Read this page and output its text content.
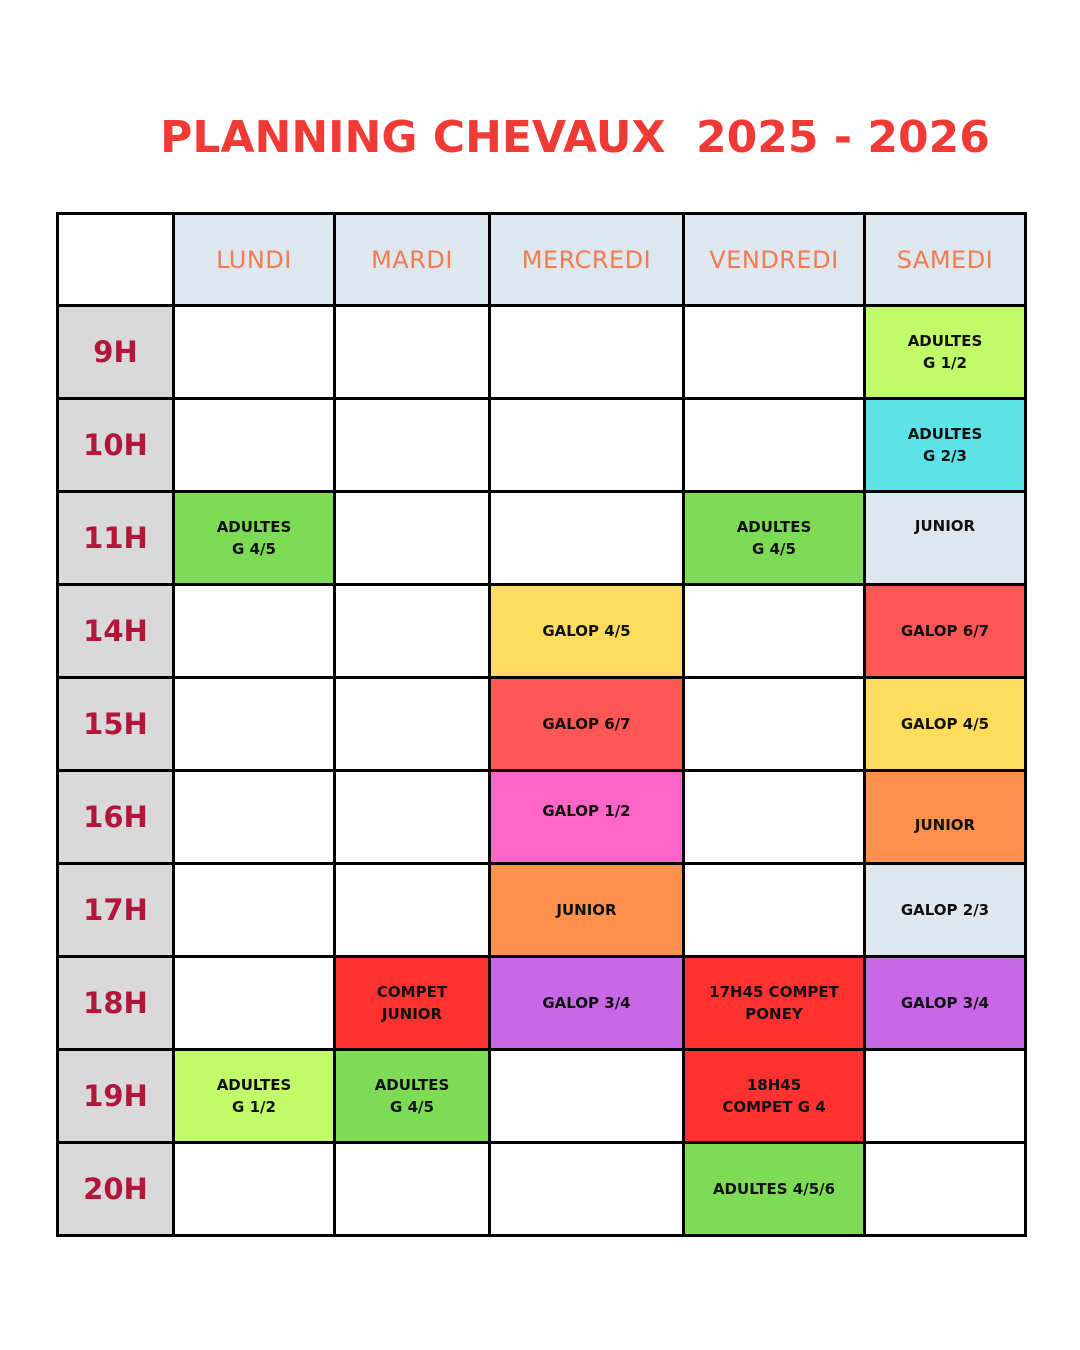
PLANNING CHEVAUX  2025 - 2026
	LUNDI	MARDI	MERCREDI	VENDREDI	SAMEDI
9H					ADULTES
G 1/2

10H					ADULTES
G 2/3

11H	ADULTES
G 4/5			ADULTES
G 4/5	JUNIOR

14H			GALOP 4/5		GALOP 6/7

15H			GALOP 6/7		GALOP 4/5

16H			GALOP 1/2		JUNIOR

17H			JUNIOR		GALOP 2/3

18H		COMPET
JUNIOR	GALOP 3/4	17H45 COMPET
PONEY	GALOP 3/4

19H	ADULTES
G 1/2	ADULTES
G 4/5		18H45
COMPET G 4	

20H				ADULTES 4/5/6	
